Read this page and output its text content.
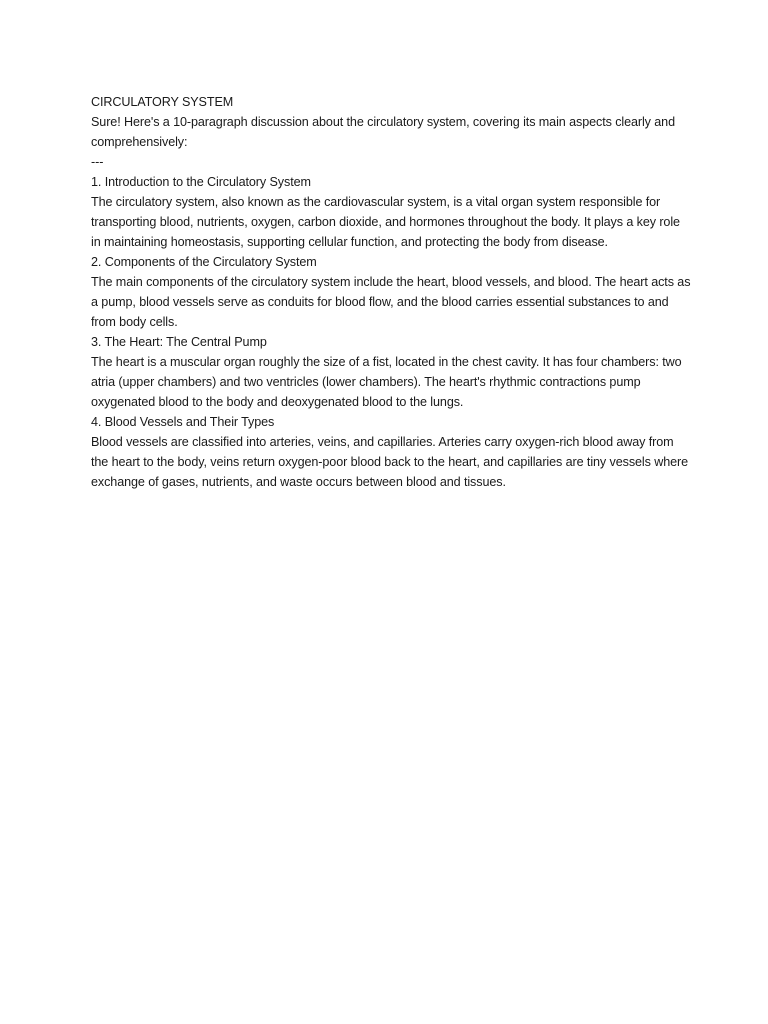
CIRCULATORY SYSTEM

Sure! Here's a 10-paragraph discussion about the circulatory system, covering its main aspects clearly and comprehensively:

---

1. Introduction to the Circulatory System

The circulatory system, also known as the cardiovascular system, is a vital organ system responsible for transporting blood, nutrients, oxygen, carbon dioxide, and hormones throughout the body. It plays a key role in maintaining homeostasis, supporting cellular function, and protecting the body from disease.

2. Components of the Circulatory System

The main components of the circulatory system include the heart, blood vessels, and blood. The heart acts as a pump, blood vessels serve as conduits for blood flow, and the blood carries essential substances to and from body cells.

3. The Heart: The Central Pump

The heart is a muscular organ roughly the size of a fist, located in the chest cavity. It has four chambers: two atria (upper chambers) and two ventricles (lower chambers). The heart's rhythmic contractions pump oxygenated blood to the body and deoxygenated blood to the lungs.

4. Blood Vessels and Their Types

Blood vessels are classified into arteries, veins, and capillaries. Arteries carry oxygen-rich blood away from the heart to the body, veins return oxygen-poor blood back to the heart, and capillaries are tiny vessels where exchange of gases, nutrients, and waste occurs between blood and tissues.
